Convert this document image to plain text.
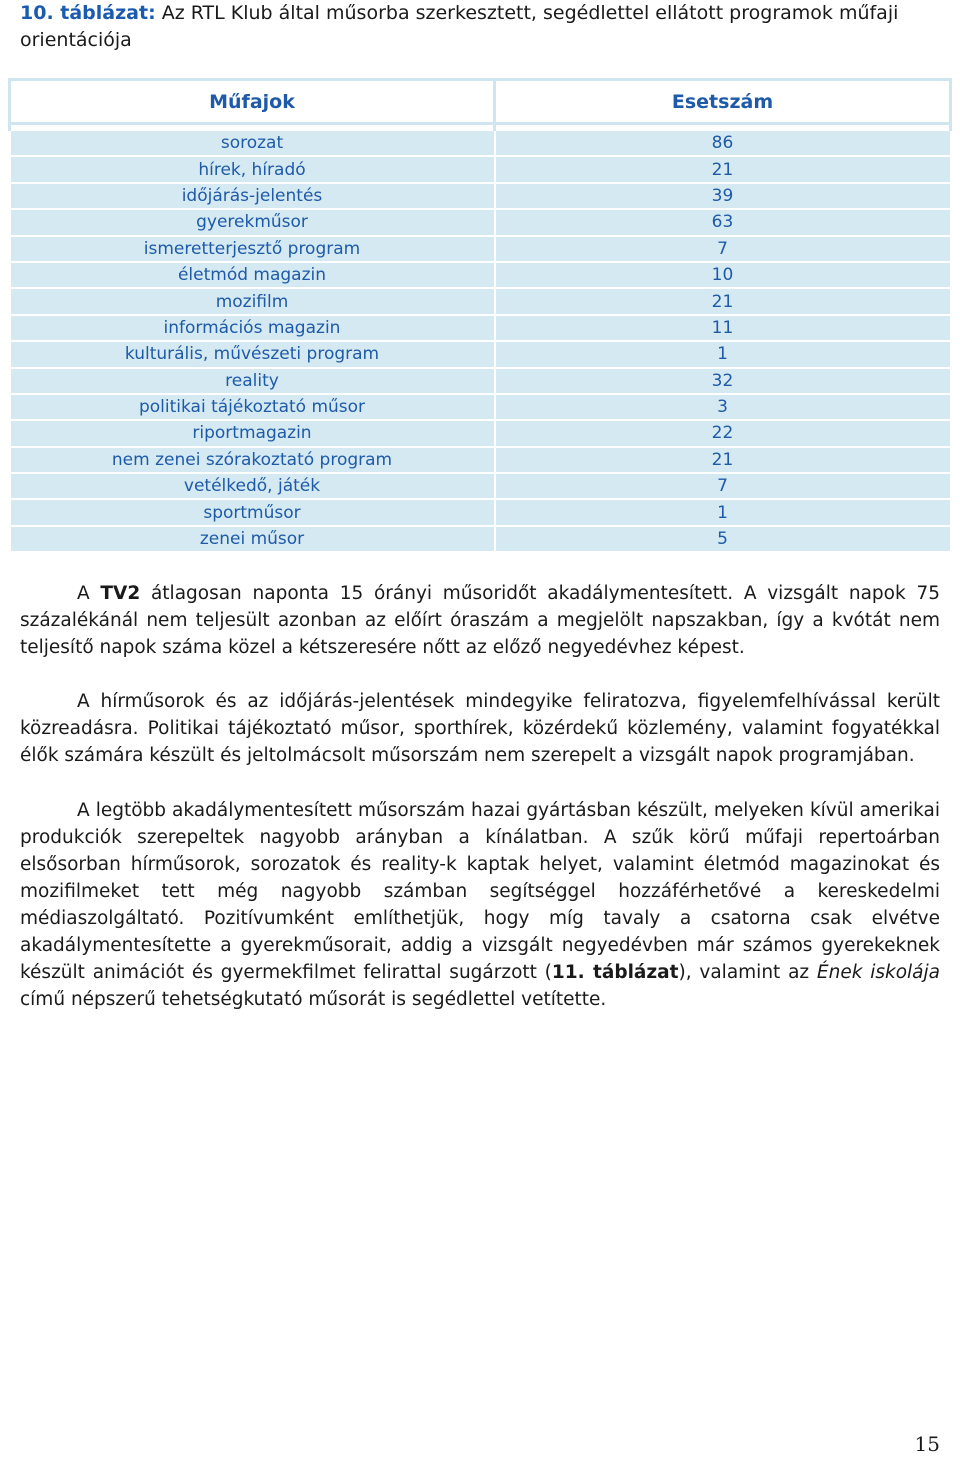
10. táblázat: Az RTL Klub által műsorba szerkesztett, segédlettel ellátott programok műfaji orientációja
Műfajok	Esetszám

sorozat	86
hírek, híradó	21
időjárás-jelentés	39
gyerekműsor	63
ismeretterjesztő program	7
életmód magazin	10
mozifilm	21
információs magazin	11
kulturális, művészeti program	1
reality	32
politikai tájékoztató műsor	3
riportmagazin	22
nem zenei szórakoztató program	21
vetélkedő, játék	7
sportműsor	1
zenei műsor	5
A TV2 átlagosan naponta 15 órányi műsoridőt akadálymentesített. A vizsgált napok 75 százalékánál nem teljesült azonban az előírt óraszám a megjelölt napszakban, így a kvótát nem teljesítő napok száma közel a kétszeresére nőtt az előző negyedévhez képest.
A hírműsorok és az időjárás-jelentések mindegyike feliratozva, figyelemfelhívással került közreadásra. Politikai tájékoztató műsor, sporthírek, közérdekű közlemény, valamint fogyatékkal élők számára készült és jeltolmácsolt műsorszám nem szerepelt a vizsgált napok programjában.
A legtöbb akadálymentesített műsorszám hazai gyártásban készült, melyeken kívül amerikai produkciók szerepeltek nagyobb arányban a kínálatban. A szűk körű műfaji repertoárban elsősorban hírműsorok, sorozatok és reality-k kaptak helyet, valamint életmód magazinokat és mozifilmeket tett még nagyobb számban segítséggel hozzáférhetővé a kereskedelmi médiaszolgáltató. Pozitívumként említhetjük, hogy míg tavaly a csatorna csak elvétve akadálymentesítette a gyerekműsorait, addig a vizsgált negyedévben már számos gyerekeknek készült animációt és gyermekfilmet felirattal sugárzott (11. táblázat), valamint az Ének iskolája című népszerű tehetségkutató műsorát is segédlettel vetítette.
15
